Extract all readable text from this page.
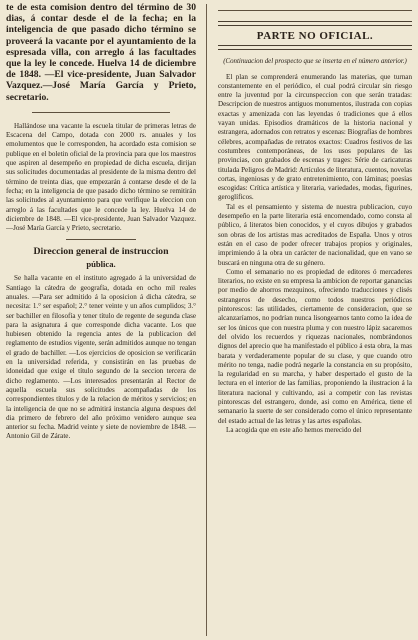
te de esta comision dentro del término de 30 dias, á contar desde el de la fecha; en la inteligencia de que pasado dicho término se proveerá la vacante por el ayuntamiento de la espresada villa, con arreglo á las facultades que la ley le concede. Huelva 14 de diciembre de 1848. —El vice-presidente, Juan Salvador Vazquez.—José María García y Prieto, secretario.

Hallándose una vacante la escuela titular de primeras letras de Escacena del Campo, dotada con 2000 rs. anuales y los emolumentos que le corresponden, ha acordado esta comision se publique en el boletin oficial de la provincia para que los maestros que aspiren al desempeño en propiedad de dicha escuela, dirijan sus solicitudes documentadas al presidente de la misma dentro del término de treinta dias, que empezarán á contarse desde el de la fecha; en la inteligencia de que pasado dicho término se remitirán las solicitudes al ayuntamiento para que verifique la eleccion con arreglo á las facultades que le concede la ley. Huelva 14 de diciembre de 1848. —El vice-presidente, Juan Salvador Vazquez.—José María García y Prieto, secretario.

Direccion general de instruccion
pública.

Se halla vacante en el instituto agregado á la universidad de Santiago la cátedra de geografía, dotada en ocho mil reales anuales. —Para ser admitido á la oposicion á dicha cátedra, se necesita: 1.° ser español; 2.° tener veinte y un años cumplidos; 3.° ser bachiller en filosofía y tener título de regente de segunda clase para la asignatura á que corresponde dicha vacante. Los que hubiesen obtenido la regencia antes de la publicacion del reglamento de estudios vigente, serán admitidos aunque no tengan el grado de bachiller. —Los ejercicios de oposicion se verificarán en la universidad referida, y consistirán en las pruebas de idoneidad que exige el título segundo de la seccion tercera de dicho reglamento. —Los interesados presentarán al Rector de aquella escuela sus solicitudes acompañadas de los correspondientes títulos y de la relacion de méritos y servicios; en la inteligencia de que no se admitirá instancia alguna despues del dia primero de febrero del año próximo venidero aunque sea anterior su fecha. Madrid veinte y siete de noviembre de 1848. —Antonio Gil de Zárate.

PARTE NO OFICIAL.

(Continuacion del prospecto que se inserta en el número anterior.)

El plan se comprenderá enumerando las materias, que turnan constantemente en el periódico, el cual podrá circular sin riesgo entre la juventud por la circunspeccion con que serán tratadas: Descripcion de nuestros antiguos monumentos, ilustrada con copias exactas y amenizada con las leyendas ó tradiciones que á ellos vayan unidas. Episodios dramáticos de la historia nacional y estrangera, adornados con retratos y escenas: Biografías de hombres célebres, acompañadas de retratos exactos: Cuadros festivos de las costumbres contemporáneas, de los usos populares de las provincias, con grabados de escenas y trages: Série de caricaturas titulada Peligros de Madrid: Artículos de literatura, cuentos, novelas cortas, ingeniosas y de grato entretenimiento, con láminas; poesías escogidas: Crítica artística y literaria, variedades, modas, figurines, geroglíficos.

Tal es el pensamiento y sistema de nuestra publicacion, cuyo desempeño en la parte literaria está encomendado, como consta al público, á literatos bien conocidos, y el cuyos dibujos y grabados son obras de los artistas mas acreditados de España. Unos y otros están en el caso de poder ofrecer trabajos propios y originales, imprimiendo á la obra un carácter de nacionalidad, que en vano se buscará en ninguna otra de su género.

Como el semanario no es propiedad de editores ó mercaderes literarios, no existe en su empresa la ambicion de reportar ganancias por medio de ahorros mezquinos, ofreciendo traducciones y clisés estrangeros de desecho, como todos nuestros periódicos pintorescos: las utilidades, ciertamente de consideracion, que se alcanzaríamos, no podrían nunca lisongearnos tanto como la idea de ser los únicos que con nuestra pluma y con nuestro lápiz sacaremos del olvido los recuerdos y riquezas nacionales, nombrándonos dignos del aprecio que ha manifestado el público á esta obra, la mas barata y verdaderamente popular de su clase, y que cuando otro mérito no tenga, nadie podrá negarle la constancia en su propósito, la regularidad en su marcha, y haber despertado el gusto de la lectura en el interior de las familias, proponiendo la ilustracion á la literatura nacional y cultivando, asi a competir con las revistas pintorescas del estrangero, donde, asi como en América, tiene el semanario la suerte de ser considerado como el único representante del estado actual de las letras y las artes españolas.

La acogida que en este año hemos merecido del
